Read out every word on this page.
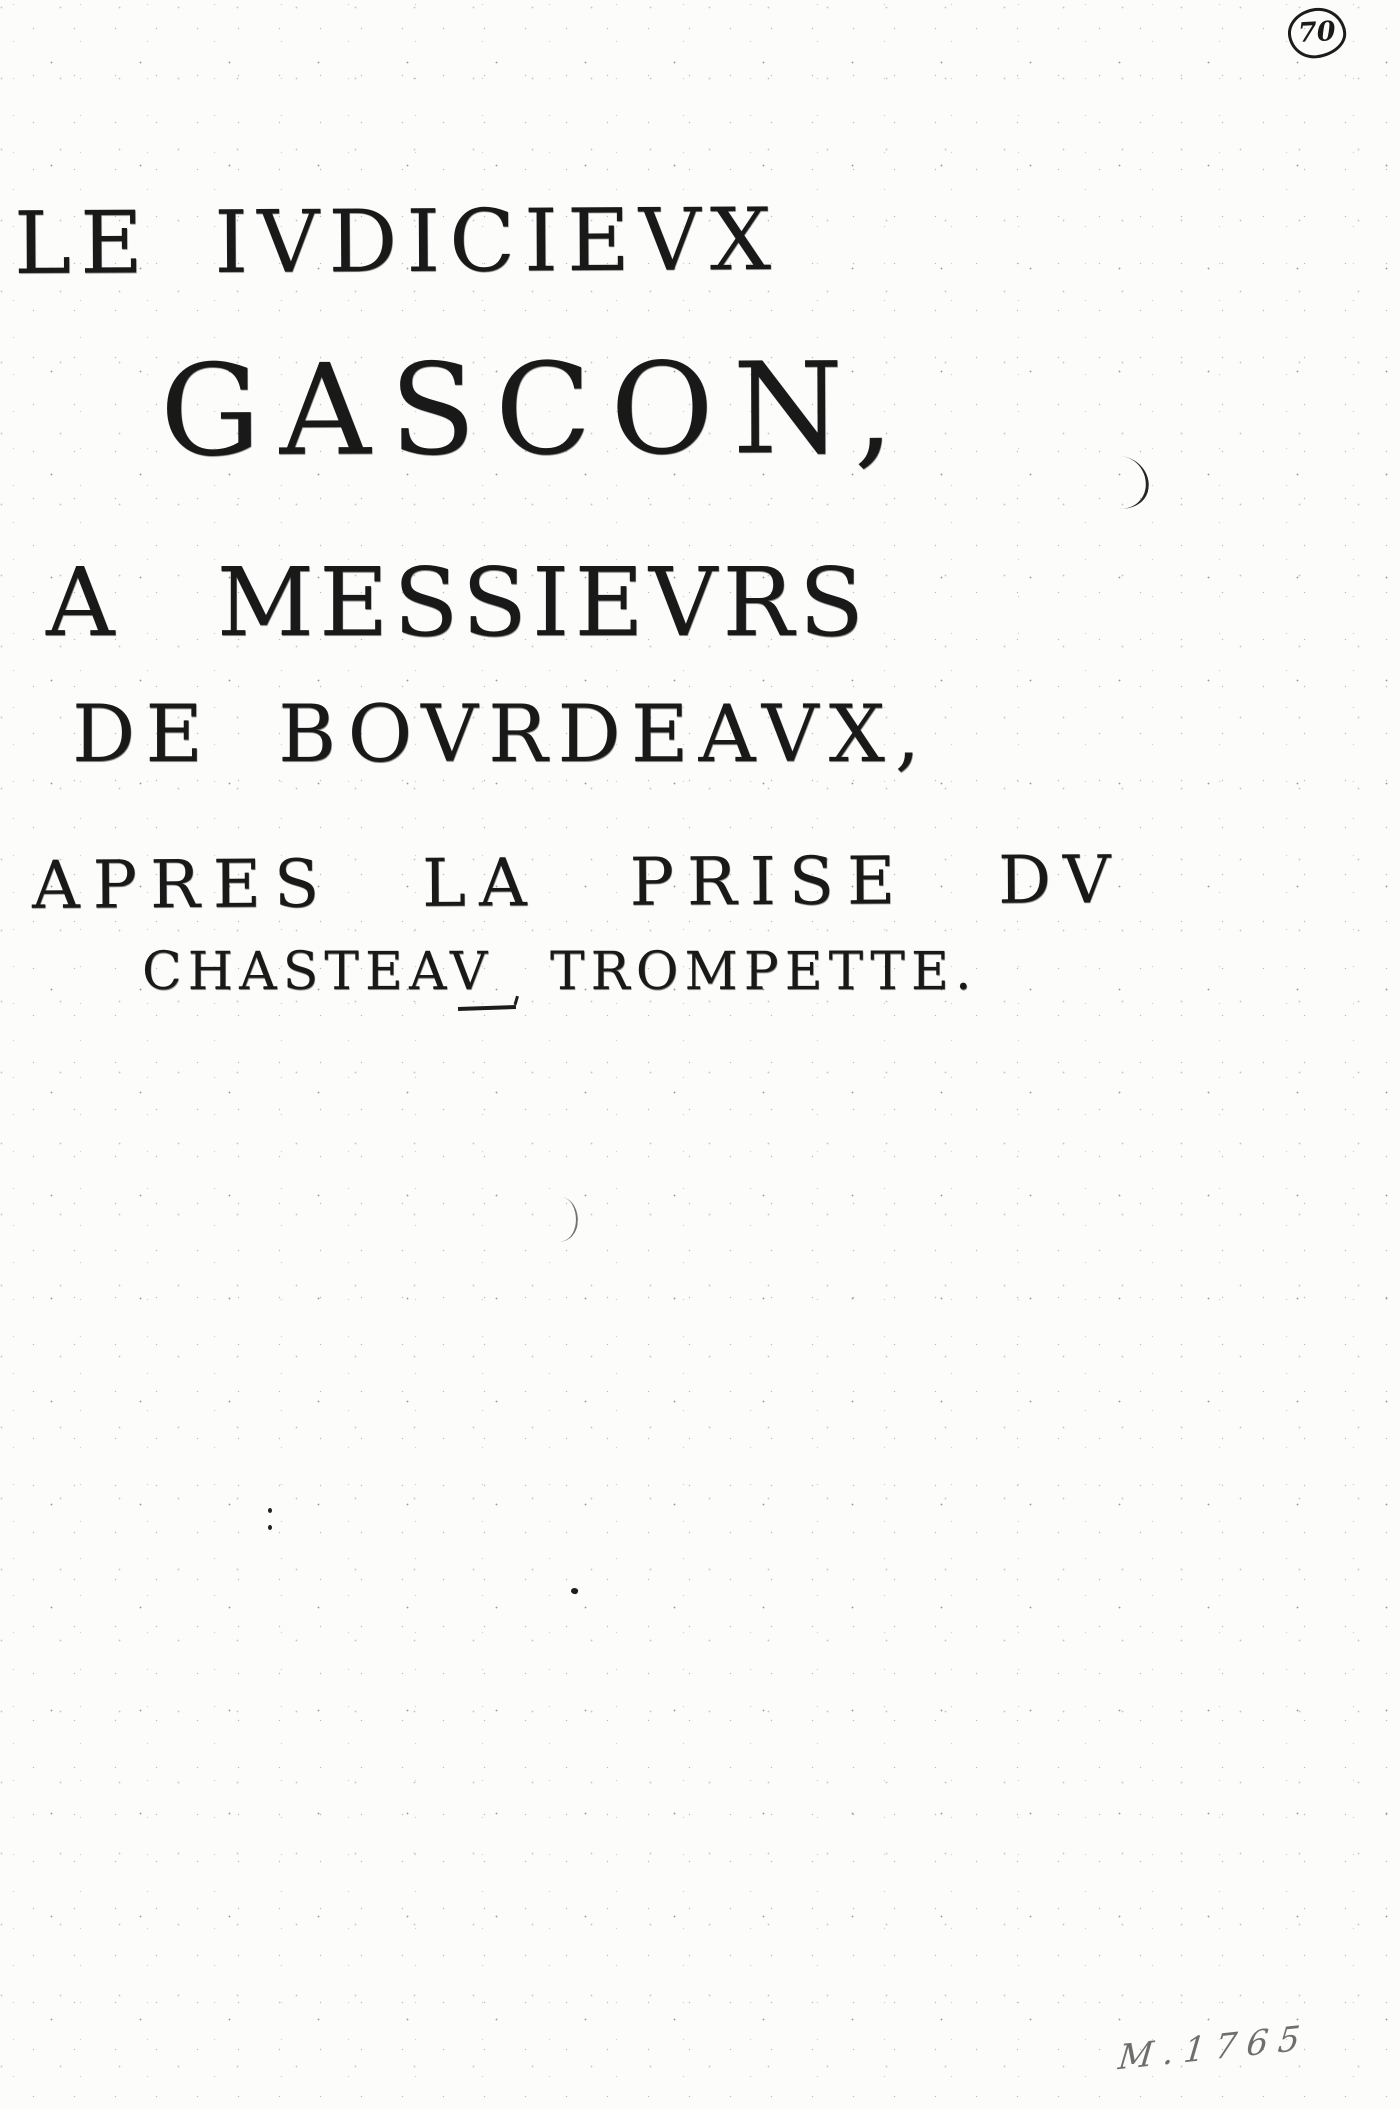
70
LE IVDICIEVX
GASCON,
A MESSIEVRS
DE BOVRDEAVX,
APRES LA PRISE DV
CHASTEAV TROMPETTE.
M.1765
